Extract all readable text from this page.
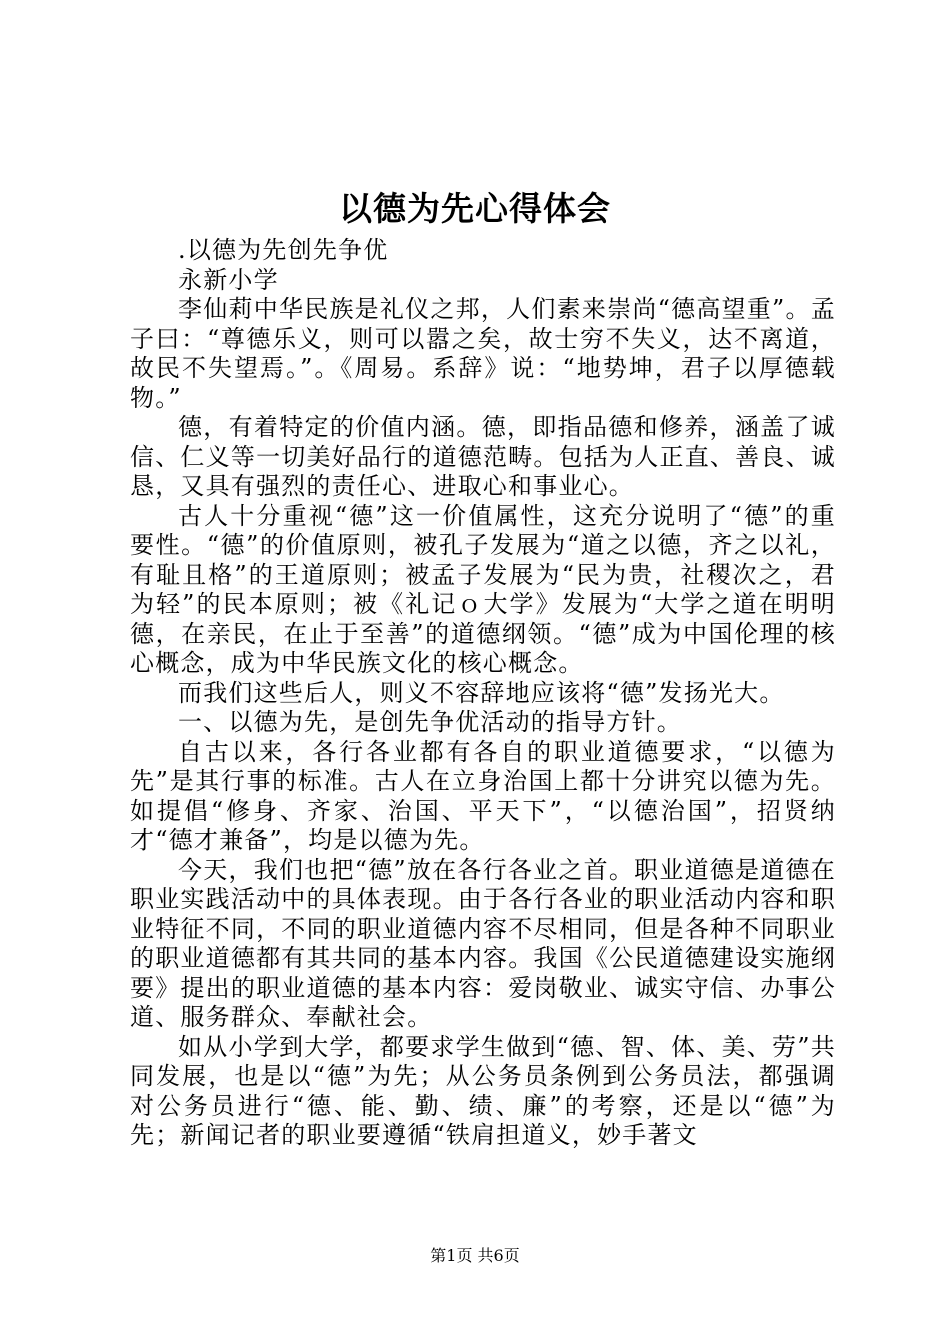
以德为先心得体会

.以德为先创先争优

永新小学

李仙莉中华民族是礼仪之邦，人们素来崇尚“德高望重”。孟子曰：“尊德乐义，则可以嚣之矣，故士穷不失义，达不离道，故民不失望焉。”。《周易。系辞》说：“地势坤，君子以厚德载物。”

德，有着特定的价值内涵。德，即指品德和修养，涵盖了诚信、仁义等一切美好品行的道德范畴。包括为人正直、善良、诚恳，又具有强烈的责任心、进取心和事业心。

古人十分重视“德”这一价值属性，这充分说明了“德”的重要性。“德”的价值原则，被孔子发展为“道之以德，齐之以礼，有耻且格”的王道原则；被孟子发展为“民为贵，社稷次之，君为轻”的民本原则；被《礼记ｏ大学》发展为“大学之道在明明德，在亲民，在止于至善”的道德纲领。“德”成为中国伦理的核心概念，成为中华民族文化的核心概念。

而我们这些后人，则义不容辞地应该将“德”发扬光大。

一、以德为先，是创先争优活动的指导方针。

自古以来，各行各业都有各自的职业道德要求，“以德为先”是其行事的标准。古人在立身治国上都十分讲究以德为先。如提倡“修身、齐家、治国、平天下”，“以德治国”，招贤纳才“德才兼备”，均是以德为先。

今天，我们也把“德”放在各行各业之首。职业道德是道德在职业实践活动中的具体表现。由于各行各业的职业活动内容和职业特征不同，不同的职业道德内容不尽相同，但是各种不同职业的职业道德都有其共同的基本内容。我国《公民道德建设实施纲要》提出的职业道德的基本内容：爱岗敬业、诚实守信、办事公道、服务群众、奉献社会。

如从小学到大学，都要求学生做到“德、智、体、美、劳”共同发展，也是以“德”为先；从公务员条例到公务员法，都强调对公务员进行“德、能、勤、绩、廉”的考察，还是以“德”为先；新闻记者的职业要遵循“铁肩担道义，妙手著文

第1页 共6页
